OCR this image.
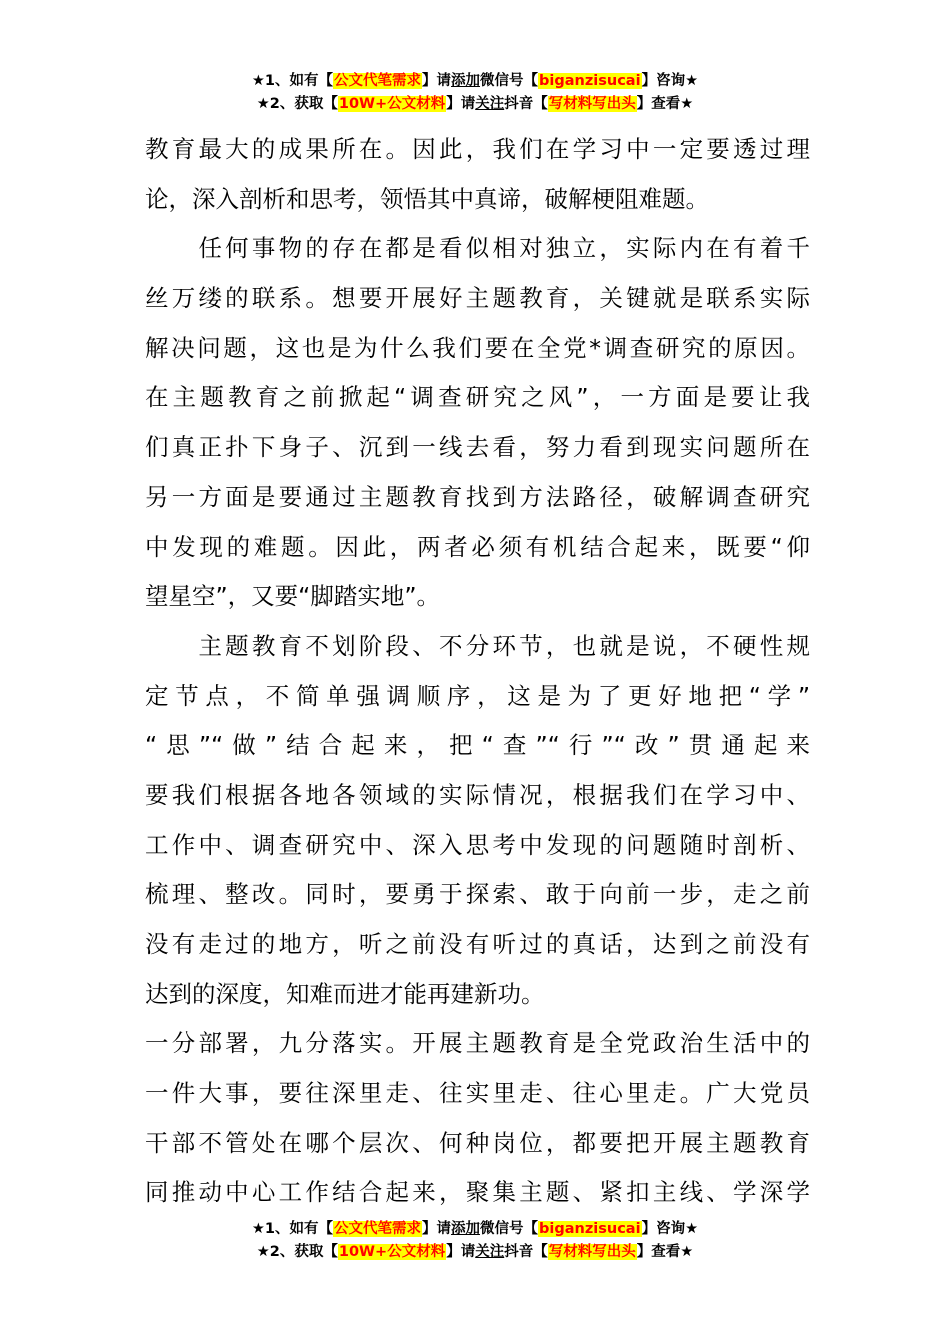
★1、如有【公文代笔需求】请添加微信号【biganzisucai】咨询★
★2、获取【10W+公文材料】请关注抖音【写材料写出头】查看★
教育最大的成果所在。因此，我们在学习中一定要透过理
论，深入剖析和思考，领悟其中真谛，破解梗阻难题。
　　任何事物的存在都是看似相对独立，实际内在有着千
丝万缕的联系。想要开展好主题教育，关键就是联系实际
解决问题，这也是为什么我们要在全党*调查研究的原因。
在主题教育之前掀起“调查研究之风”，一方面是要让我
们真正扑下身子、沉到一线去看，努力看到现实问题所在
另一方面是要通过主题教育找到方法路径，破解调查研究
中发现的难题。因此，两者必须有机结合起来，既要“仰
望星空”，又要“脚踏实地”。
　　主题教育不划阶段、不分环节，也就是说，不硬性规
定节点，不简单强调顺序，这是为了更好地把“学”
“思”“做”结合起来，把“查”“行”“改”贯通起来
要我们根据各地各领域的实际情况，根据我们在学习中、
工作中、调查研究中、深入思考中发现的问题随时剖析、
梳理、整改。同时，要勇于探索、敢于向前一步，走之前
没有走过的地方，听之前没有听过的真话，达到之前没有
达到的深度，知难而进才能再建新功。
一分部署，九分落实。开展主题教育是全党政治生活中的
一件大事，要往深里走、往实里走、往心里走。广大党员
干部不管处在哪个层次、何种岗位，都要把开展主题教育
同推动中心工作结合起来，聚集主题、紧扣主线、学深学
★1、如有【公文代笔需求】请添加微信号【biganzisucai】咨询★
★2、获取【10W+公文材料】请关注抖音【写材料写出头】查看★
